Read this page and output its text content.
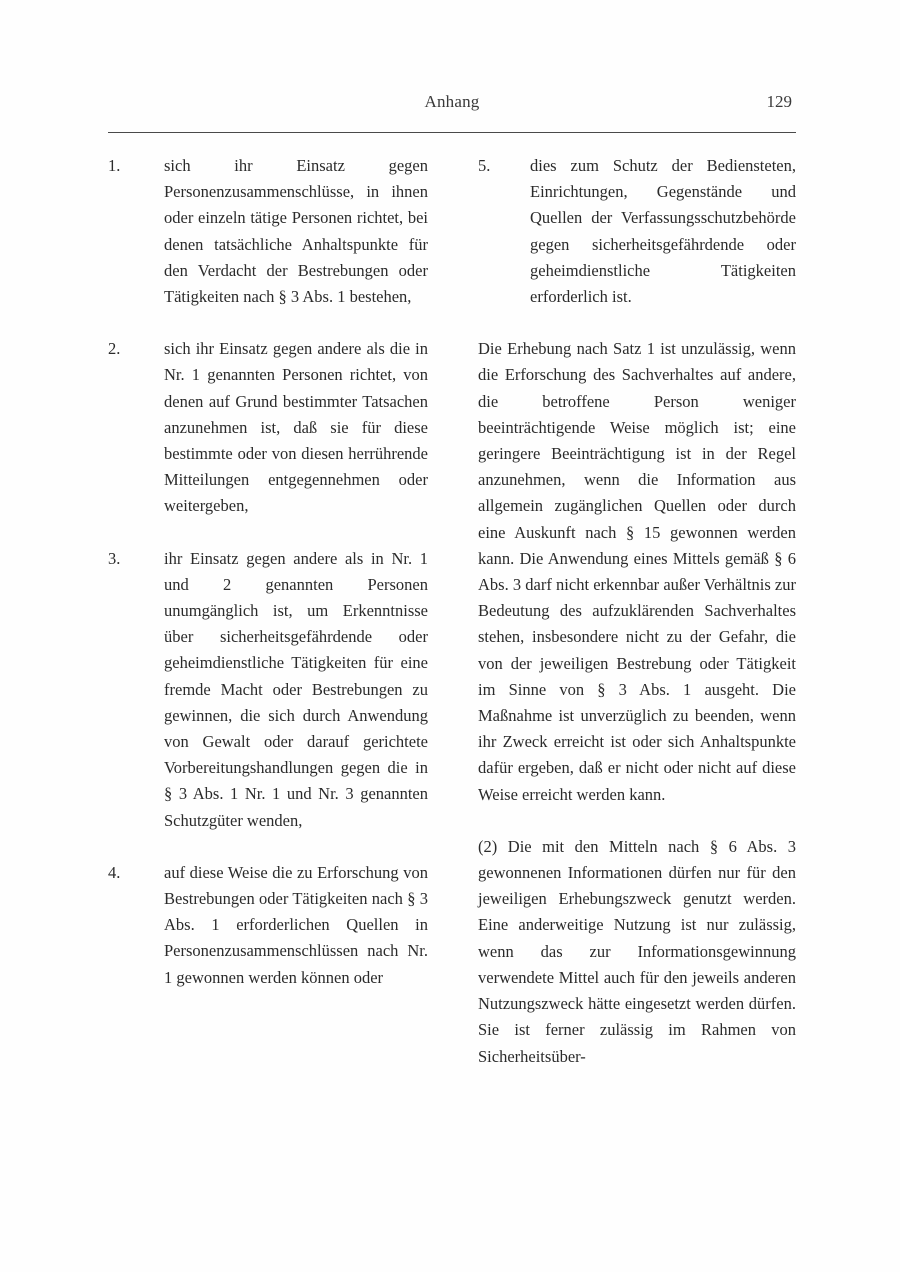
Anhang	129
1.	sich ihr Einsatz gegen Personenzusammenschlüsse, in ihnen oder einzeln tätige Personen richtet, bei denen tatsächliche Anhaltspunkte für den Verdacht der Bestrebungen oder Tätigkeiten nach § 3 Abs. 1 bestehen,
2.	sich ihr Einsatz gegen andere als die in Nr. 1 genannten Personen richtet, von denen auf Grund bestimmter Tatsachen anzunehmen ist, daß sie für diese bestimmte oder von diesen herrührende Mitteilungen entgegennehmen oder weitergeben,
3.	ihr Einsatz gegen andere als in Nr. 1 und 2 genannten Personen unumgänglich ist, um Erkenntnisse über sicherheitsgefährdende oder geheimdienstliche Tätigkeiten für eine fremde Macht oder Bestrebungen zu gewinnen, die sich durch Anwendung von Gewalt oder darauf gerichtete Vorbereitungshandlungen gegen die in § 3 Abs. 1 Nr. 1 und Nr. 3 genannten Schutzgüter wenden,
4.	auf diese Weise die zu Erforschung von Bestrebungen oder Tätigkeiten nach § 3 Abs. 1 erforderlichen Quellen in Personenzusammenschlüssen nach Nr. 1 gewonnen werden können oder
5.	dies zum Schutz der Bediensteten, Einrichtungen, Gegenstände und Quellen der Verfassungsschutzbehörde gegen sicherheitsgefährdende oder geheimdienstliche Tätigkeiten erforderlich ist.

Die Erhebung nach Satz 1 ist unzulässig, wenn die Erforschung des Sachverhaltes auf andere, die betroffene Person weniger beeinträchtigende Weise möglich ist; eine geringere Beeinträchtigung ist in der Regel anzunehmen, wenn die Information aus allgemein zugänglichen Quellen oder durch eine Auskunft nach § 15 gewonnen werden kann. Die Anwendung eines Mittels gemäß § 6 Abs. 3 darf nicht erkennbar außer Verhältnis zur Bedeutung des aufzuklärenden Sachverhaltes stehen, insbesondere nicht zu der Gefahr, die von der jeweiligen Bestrebung oder Tätigkeit im Sinne von § 3 Abs. 1 ausgeht. Die Maßnahme ist unverzüglich zu beenden, wenn ihr Zweck erreicht ist oder sich Anhaltspunkte dafür ergeben, daß er nicht oder nicht auf diese Weise erreicht werden kann.

(2) Die mit den Mitteln nach § 6 Abs. 3 gewonnenen Informationen dürfen nur für den jeweiligen Erhebungszweck genutzt werden. Eine anderweitige Nutzung ist nur zulässig, wenn das zur Informationsgewinnung verwendete Mittel auch für den jeweils anderen Nutzungszweck hätte eingesetzt werden dürfen. Sie ist ferner zulässig im Rahmen von Sicherheitsüber-
